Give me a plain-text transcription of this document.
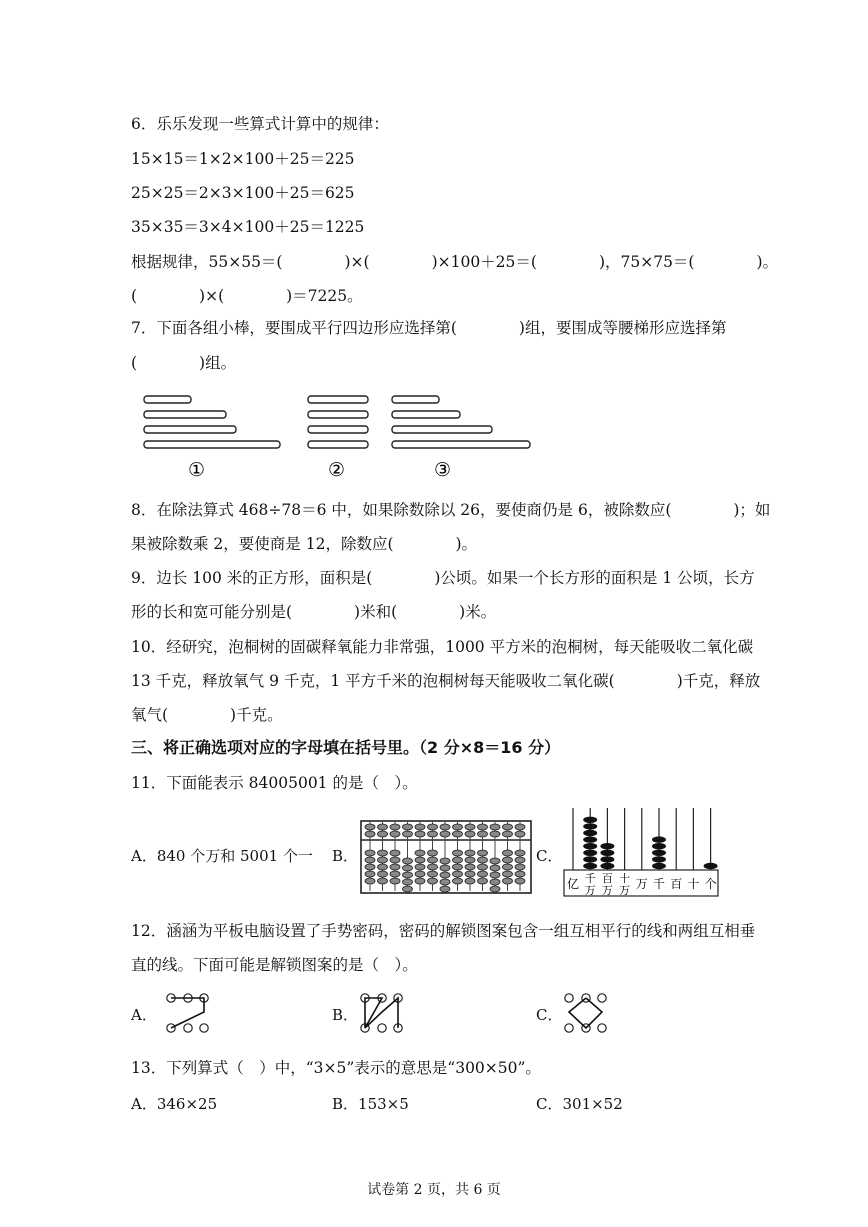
6．乐乐发现一些算式计算中的规律：
15×15＝1×2×100＋25＝225
25×25＝2×3×100＋25＝625
35×35＝3×4×100＋25＝1225
根据规律，55×55＝(　　　　)×(　　　　)×100＋25＝(　　　　)，75×75＝(　　　　)。
(　　　　)×(　　　　)＝7225。
7．下面各组小棒，要围成平行四边形应选择第(　　　　)组，要围成等腰梯形应选择第
(　　　　)组。
①	②	③
8．在除法算式 468÷78＝6 中，如果除数除以 26，要使商仍是 6，被除数应(　　　　)；如
果被除数乘 2，要使商是 12，除数应(　　　　)。
9．边长 100 米的正方形，面积是(　　　　)公顷。如果一个长方形的面积是 1 公顷，长方
形的长和宽可能分别是(　　　　)米和(　　　　)米。
10．经研究，泡桐树的固碳释氧能力非常强，1000 平方米的泡桐树，每天能吸收二氧化碳
13 千克，释放氧气 9 千克，1 平方千米的泡桐树每天能吸收二氧化碳(　　　　)千克，释放
氧气(　　　　)千克。
三、将正确选项对应的字母填在括号里。（2 分×8＝16 分）
11．下面能表示 84005001 的是（　）。
A．840 个万和 5001 个一 B．	C．
亿 千
万
百
万
十
万 万 千 百 十 个
12．涵涵为平板电脑设置了手势密码，密码的解锁图案包含一组互相平行的线和两组互相垂
直的线。下面可能是解锁图案的是（　）。
A．	B．	C．
13．下列算式（　）中，“3×5”表示的意思是“300×50”。
A．346×25	B．153×5	C．301×52
试卷第 2 页，共 6 页
